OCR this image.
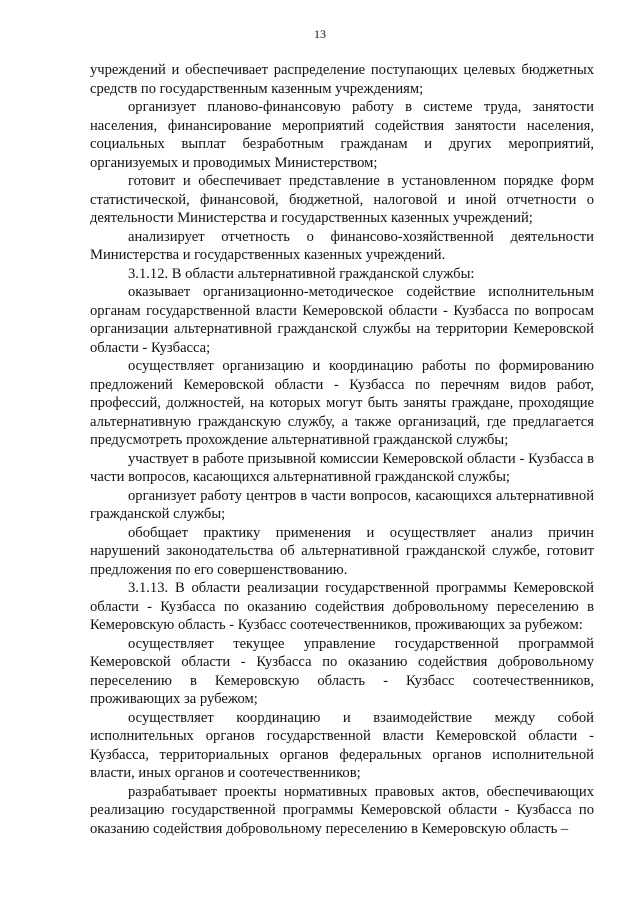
13

учреждений и обеспечивает распределение поступающих целевых бюджетных средств по государственным казенным учреждениям;

организует планово-финансовую работу в системе труда, занятости населения, финансирование мероприятий содействия занятости населения, социальных выплат безработным гражданам и других мероприятий, организуемых и проводимых Министерством;

готовит и обеспечивает представление в установленном порядке форм статистической, финансовой, бюджетной, налоговой и иной отчетности о деятельности Министерства и государственных казенных учреждений;

анализирует отчетность о финансово-хозяйственной деятельности Министерства и государственных казенных учреждений.

3.1.12. В области альтернативной гражданской службы:

оказывает организационно-методическое содействие исполнительным органам государственной власти Кемеровской области - Кузбасса по вопросам организации альтернативной гражданской службы на территории Кемеровской области - Кузбасса;

осуществляет организацию и координацию работы по формированию предложений Кемеровской области - Кузбасса по перечням видов работ, профессий, должностей, на которых могут быть заняты граждане, проходящие альтернативную гражданскую службу, а также организаций, где предлагается предусмотреть прохождение альтернативной гражданской службы;

участвует в работе призывной комиссии Кемеровской области - Кузбасса в части вопросов, касающихся альтернативной гражданской службы;

организует работу центров в части вопросов, касающихся альтернативной гражданской службы;

обобщает практику применения и осуществляет анализ причин нарушений законодательства об альтернативной гражданской службе, готовит предложения по его совершенствованию.

3.1.13. В области реализации государственной программы Кемеровской области - Кузбасса по оказанию содействия добровольному переселению в Кемеровскую область - Кузбасс соотечественников, проживающих за рубежом:

осуществляет текущее управление государственной программой Кемеровской области - Кузбасса по оказанию содействия добровольному переселению в Кемеровскую область - Кузбасс соотечественников, проживающих за рубежом;

осуществляет координацию и взаимодействие между собой исполнительных органов государственной власти Кемеровской области - Кузбасса, территориальных органов федеральных органов исполнительной власти, иных органов и соотечественников;

разрабатывает проекты нормативных правовых актов, обеспечивающих реализацию государственной программы Кемеровской области - Кузбасса по оказанию содействия добровольному переселению в Кемеровскую область –
